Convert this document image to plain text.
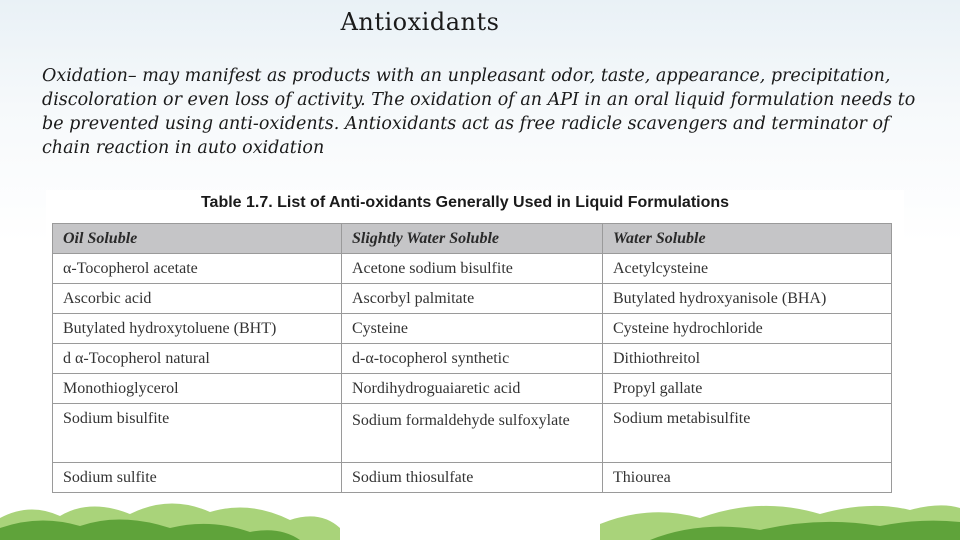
Antioxidants

Oxidation– may manifest as products with an unpleasant odor, taste, appearance, precipitation, discoloration or even loss of activity. The oxidation of an API in an oral liquid formulation needs to be prevented using anti-oxidents. Antioxidants act as free radicle scavengers and terminator of chain reaction in auto oxidation

Table 1.7. List of Anti-oxidants Generally Used in Liquid Formulations
Oil Soluble	Slightly Water Soluble	Water Soluble
α-Tocopherol acetate	Acetone sodium bisulfite	Acetylcysteine
Ascorbic acid	Ascorbyl palmitate	Butylated hydroxyanisole (BHA)
Butylated hydroxytoluene (BHT)	Cysteine	Cysteine hydrochloride
d α-Tocopherol natural	d-α-tocopherol synthetic	Dithiothreitol
Monothioglycerol	Nordihydroguaiaretic acid	Propyl gallate
Sodium bisulfite	Sodium formaldehyde sulfoxylate	Sodium metabisulfite
Sodium sulfite	Sodium thiosulfate	Thiourea
